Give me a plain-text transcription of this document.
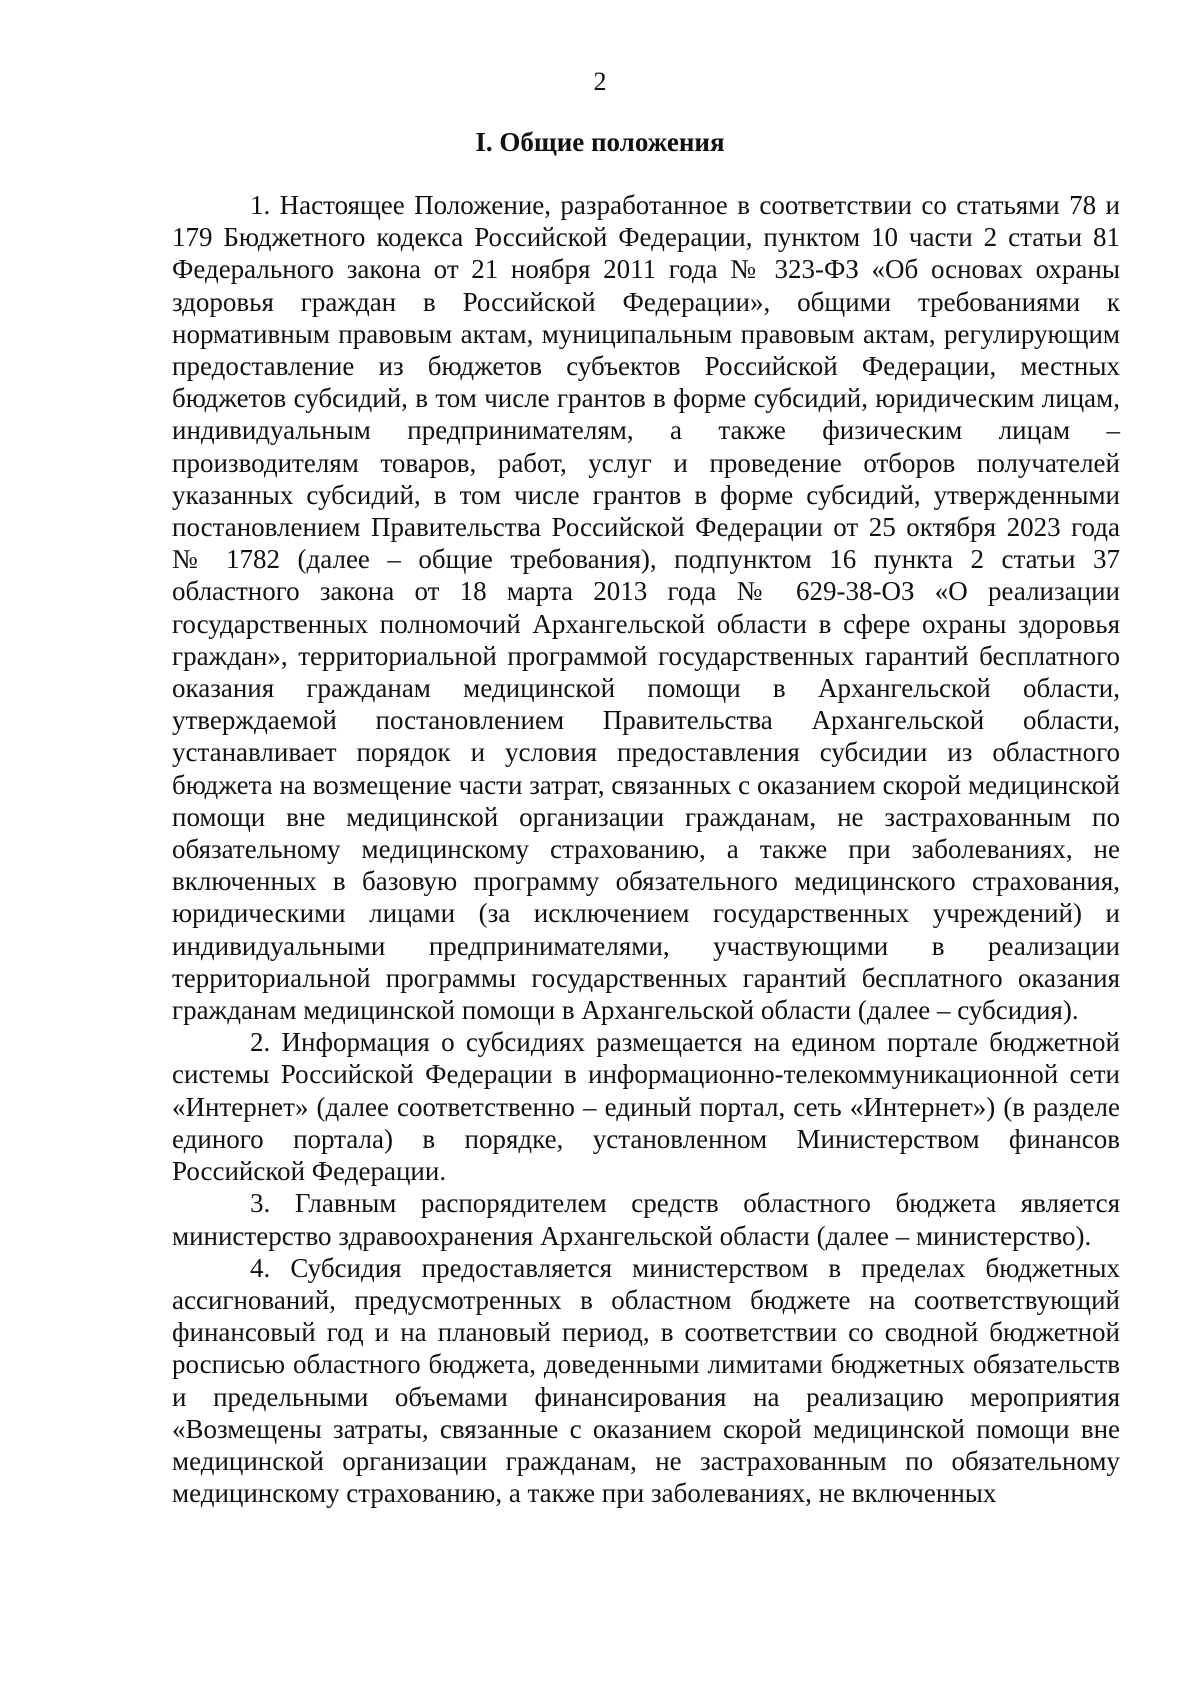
2
I. Общие положения

1. Настоящее Положение, разработанное в соответствии со статьями 78 и 179 Бюджетного кодекса Российской Федерации, пунктом 10 части 2 статьи 81 Федерального закона от 21 ноября 2011 года № 323-ФЗ «Об основах охраны здоровья граждан в Российской Федерации», общими требованиями к нормативным правовым актам, муниципальным правовым актам, регулирующим предоставление из бюджетов субъектов Российской Федерации, местных бюджетов субсидий, в том числе грантов в форме субсидий, юридическим лицам, индивидуальным предпринимателям, а также физическим лицам – производителям товаров, работ, услуг и проведение отборов получателей указанных субсидий, в том числе грантов в форме субсидий, утвержденными постановлением Правительства Российской Федерации от 25 октября 2023 года № 1782 (далее – общие требования), подпунктом 16 пункта 2 статьи 37 областного закона от 18 марта 2013 года № 629-38-ОЗ «О реализации государственных полномочий Архангельской области в сфере охраны здоровья граждан», территориальной программой государственных гарантий бесплатного оказания гражданам медицинской помощи в Архангельской области, утверждаемой постановлением Правительства Архангельской области, устанавливает порядок и условия предоставления субсидии из областного бюджета на возмещение части затрат, связанных с оказанием скорой медицинской помощи вне медицинской организации гражданам, не застрахованным по обязательному медицинскому страхованию, а также при заболеваниях, не включенных в базовую программу обязательного медицинского страхования, юридическими лицами (за исключением государственных учреждений) и индивидуальными предпринимателями, участвующими в реализации территориальной программы государственных гарантий бесплатного оказания гражданам медицинской помощи в Архангельской области (далее – субсидия).

2. Информация о субсидиях размещается на едином портале бюджетной системы Российской Федерации в информационно-телекоммуникационной сети «Интернет» (далее соответственно – единый портал, сеть «Интернет») (в разделе единого портала) в порядке, установленном Министерством финансов Российской Федерации.

3. Главным распорядителем средств областного бюджета является министерство здравоохранения Архангельской области (далее – министерство).

4. Субсидия предоставляется министерством в пределах бюджетных ассигнований, предусмотренных в областном бюджете на соответствующий финансовый год и на плановый период, в соответствии со сводной бюджетной росписью областного бюджета, доведенными лимитами бюджетных обязательств и предельными объемами финансирования на реализацию мероприятия «Возмещены затраты, связанные с оказанием скорой медицинской помощи вне медицинской организации гражданам, не застрахованным по обязательному медицинскому страхованию, а также при заболеваниях, не включенных
